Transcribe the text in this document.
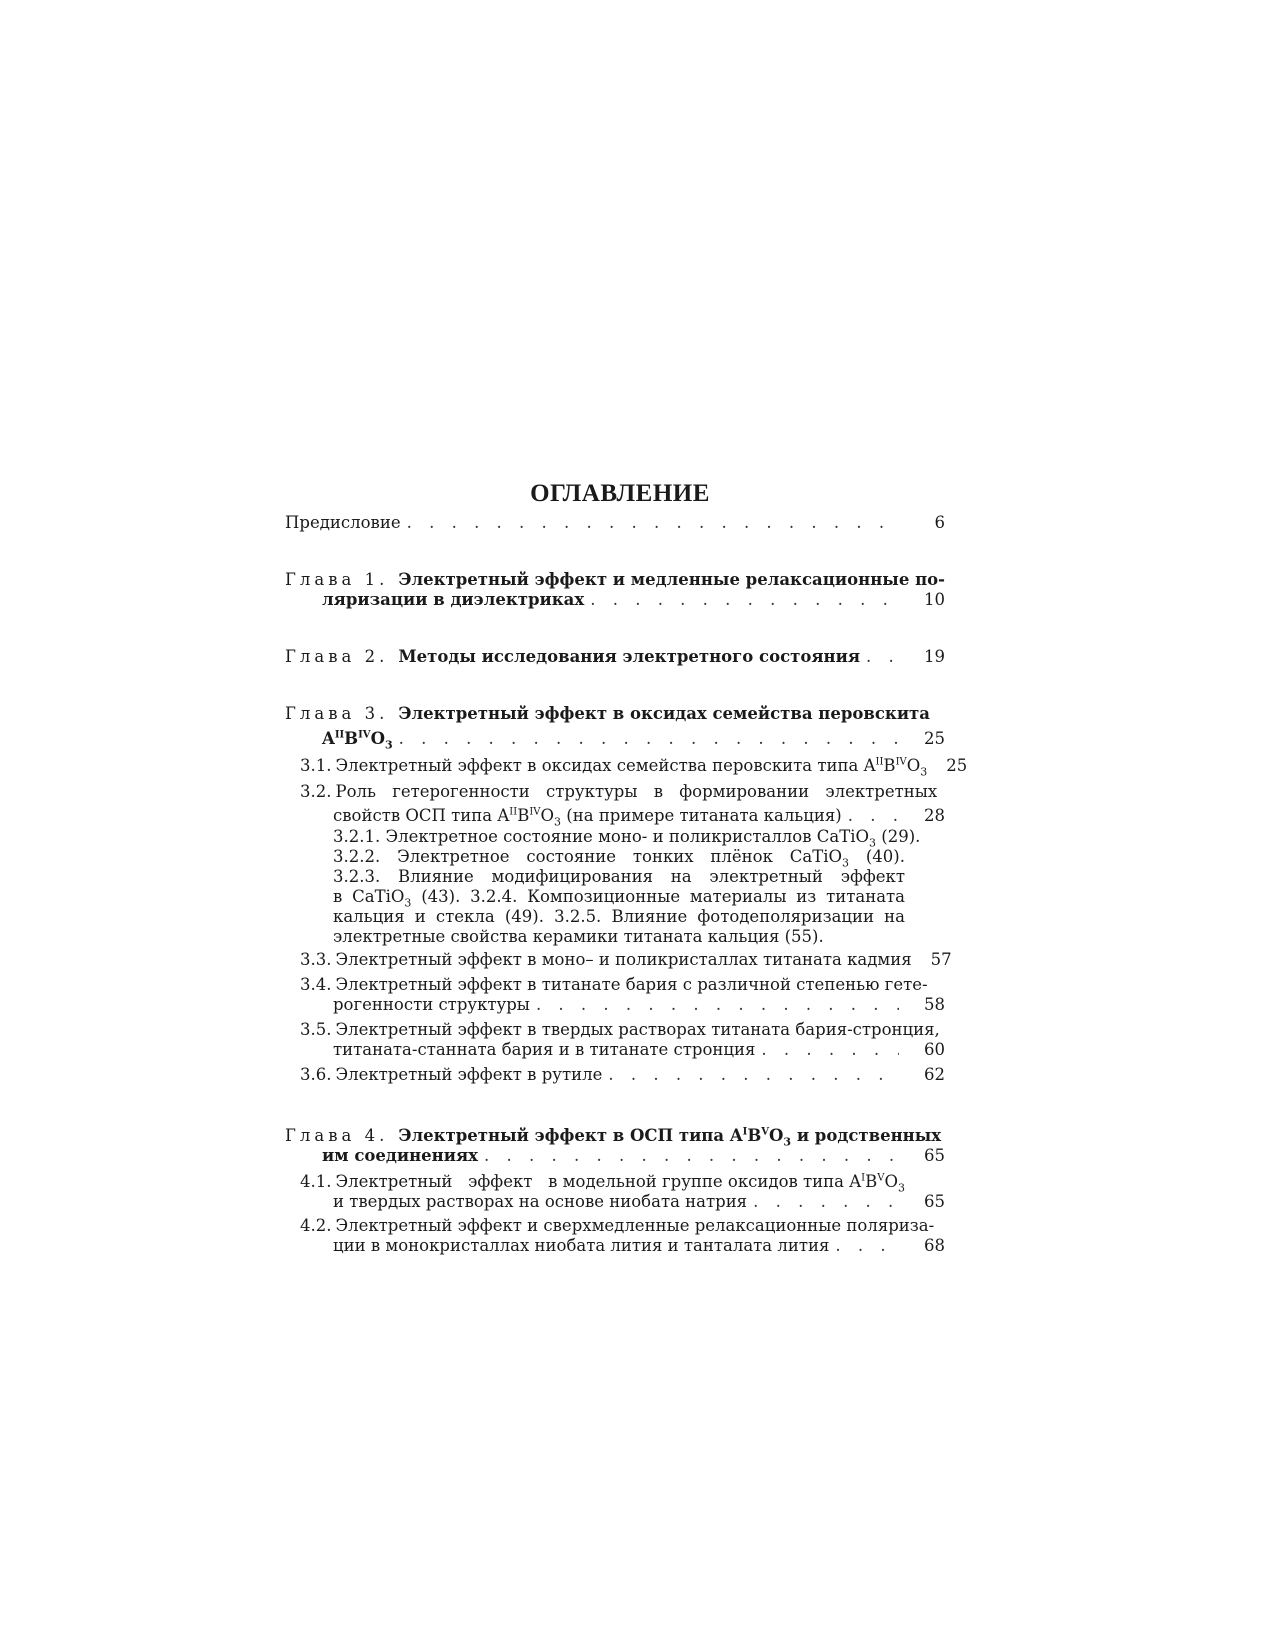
ОГЛАВЛЕНИЕ
Предисловие . . .	6
Глава 1. Электретный эффект и медленные релаксационные по-
ляризации в диэлектриках . . .	10
Глава 2. Методы исследования электретного состояния . . .	19
Глава 3. Электретный эффект в оксидах семейства перовскита
$A^{II}B^{IV}O_3$ . . .	25
3.1. Электретный эффект в оксидах семейства перовскита типа $A^{II}B^{IV}O_3$	25
3.2. Роль гетерогенности структуры в формировании электретных
свойств ОСП типа $A^{II}B^{IV}O_3$ (на примере титаната кальция) . . .	28
3.2.1. Электретное состояние моно- и поликристаллов CaTiO$_3$ (29).
3.2.2. Электретное состояние тонких плёнок CaTiO$_3$ (40).
3.2.3. Влияние модифицирования на электретный эффект
в CaTiO$_3$ (43). 3.2.4. Композиционные материалы из титаната
кальция и стекла (49). 3.2.5. Влияние фотодеполяризации на
электретные свойства керамики титаната кальция (55).
3.3. Электретный эффект в моно– и поликристаллах титаната кадмия	57
3.4. Электретный эффект в титанате бария с различной степенью гете-
рогенности структуры . . .	58
3.5. Электретный эффект в твердых растворах титаната бария-стронция,
титаната-станната бария и в титанате стронция . . .	60
3.6. Электретный эффект в рутиле . . .	62
Глава 4. Электретный эффект в ОСП типа $A^IB^VO_3$ и родственных
им соединениях . . .	65
4.1. Электретный   эффект   в модельной группе оксидов типа $A^IB^VO_3$
и твердых растворах на основе ниобата натрия . . .	65
4.2. Электретный эффект и сверхмедленные релаксационные поляриза-
ции в монокристаллах ниобата лития и танталата лития . . .	68
